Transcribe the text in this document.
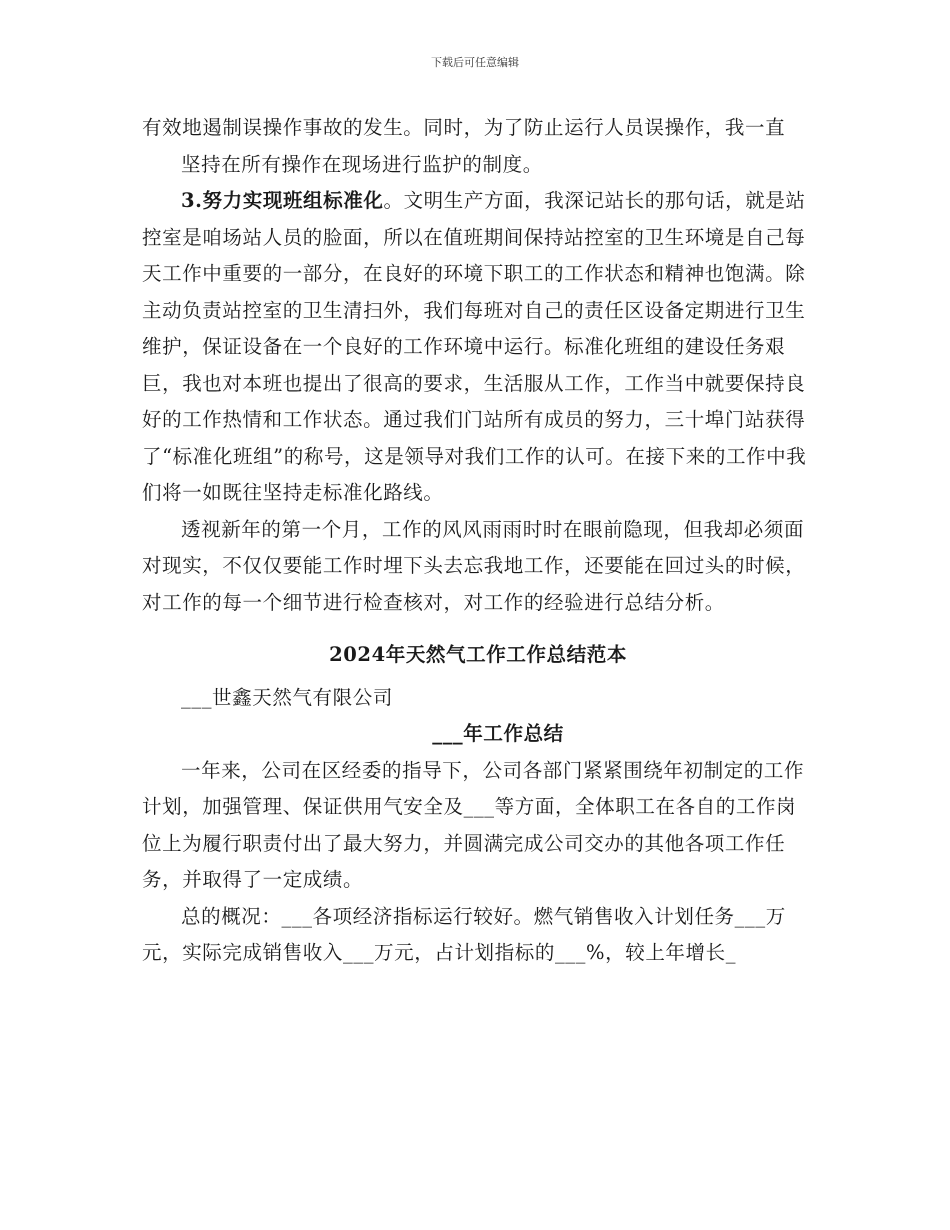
下载后可任意编辑

有效地遏制误操作事故的发生。同时，为了防止运行人员误操作，我一直

坚持在所有操作在现场进行监护的制度。

3.努力实现班组标准化。文明生产方面，我深记站长的那句话，就是站控室是咱场站人员的脸面，所以在值班期间保持站控室的卫生环境是自己每天工作中重要的一部分，在良好的环境下职工的工作状态和精神也饱满。除主动负责站控室的卫生清扫外，我们每班对自己的责任区设备定期进行卫生维护，保证设备在一个良好的工作环境中运行。标准化班组的建设任务艰巨，我也对本班也提出了很高的要求，生活服从工作，工作当中就要保持良好的工作热情和工作状态。通过我们门站所有成员的努力，三十埠门站获得了“标准化班组”的称号，这是领导对我们工作的认可。在接下来的工作中我们将一如既往坚持走标准化路线。

透视新年的第一个月，工作的风风雨雨时时在眼前隐现，但我却必须面对现实，不仅仅要能工作时埋下头去忘我地工作，还要能在回过头的时候，对工作的每一个细节进行检查核对，对工作的经验进行总结分析。

2024年天然气工作工作总结范本

___世鑫天然气有限公司

___年工作总结

一年来，公司在区经委的指导下，公司各部门紧紧围绕年初制定的工作计划，加强管理、保证供用气安全及___等方面，全体职工在各自的工作岗位上为履行职责付出了最大努力，并圆满完成公司交办的其他各项工作任务，并取得了一定成绩。

总的概况：___各项经济指标运行较好。燃气销售收入计划任务___万元，实际完成销售收入___万元，占计划指标的___%，较上年增长_
